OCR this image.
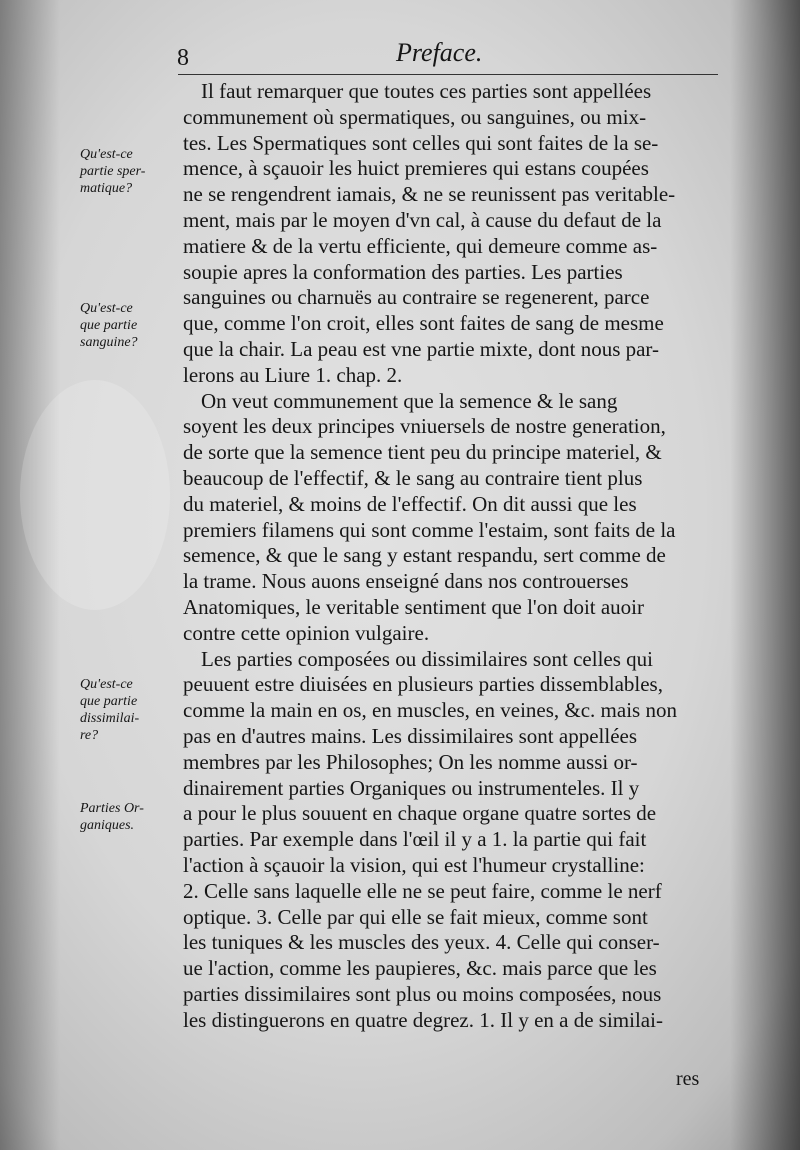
8	Preface.
Il faut remarquer que toutes ces parties sont appellées
communement où spermatiques, ou sanguines, ou mix-
tes. Les Spermatiques sont celles qui sont faites de la se-
mence, à sçauoir les huict premieres qui estans coupées
ne se rengendrent iamais, & ne se reunissent pas veritable-
ment, mais par le moyen d'vn cal, à cause du defaut de la
matiere & de la vertu efficiente, qui demeure comme as-
soupie apres la conformation des parties. Les parties
sanguines ou charnuës au contraire se regenerent, parce
que, comme l'on croit, elles sont faites de sang de mesme
que la chair. La peau est vne partie mixte, dont nous par-
lerons au Liure 1. chap. 2.
On veut communement que la semence & le sang
soyent les deux principes vniuersels de nostre generation,
de sorte que la semence tient peu du principe materiel, &
beaucoup de l'effectif, & le sang au contraire tient plus
du materiel, & moins de l'effectif. On dit aussi que les
premiers filamens qui sont comme l'estaim, sont faits de la
semence, & que le sang y estant respandu, sert comme de
la trame. Nous auons enseigné dans nos controuerses
Anatomiques, le veritable sentiment que l'on doit auoir
contre cette opinion vulgaire.
Les parties composées ou dissimilaires sont celles qui
peuuent estre diuisées en plusieurs parties dissemblables,
comme la main en os, en muscles, en veines, &c. mais non
pas en d'autres mains. Les dissimilaires sont appellées
membres par les Philosophes; On les nomme aussi or-
dinairement parties Organiques ou instrumenteles. Il y
a pour le plus souuent en chaque organe quatre sortes de
parties. Par exemple dans l'œil il y a 1. la partie qui fait
l'action à sçauoir la vision, qui est l'humeur crystalline:
2. Celle sans laquelle elle ne se peut faire, comme le nerf
optique. 3. Celle par qui elle se fait mieux, comme sont
les tuniques & les muscles des yeux. 4. Celle qui conser-
ue l'action, comme les paupieres, &c. mais parce que les
parties dissimilaires sont plus ou moins composées, nous
les distinguerons en quatre degrez. 1. Il y en a de similai-
res
Qu'est-ce
partie sper-
matique?
Qu'est-ce
que partie
sanguine?
Qu'est-ce
que partie
dissimilai-
re?
Parties Or-
ganiques.
